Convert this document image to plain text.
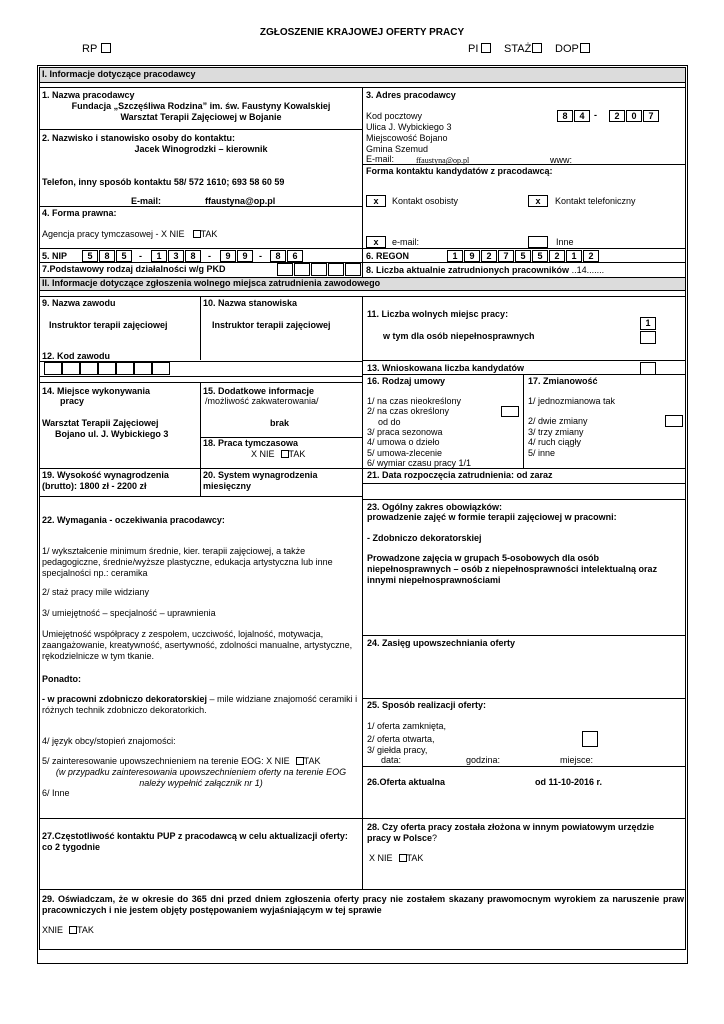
ZGŁOSZENIE KRAJOWEJ OFERTY PRACY
RP	PI	STAŻ	DOP
I. Informacje dotyczące pracodawcy
1. Nazwa pracodawcy
Fundacja „Szczęśliwa Rodzina” im. św. Faustyny Kowalskiej
Warsztat Terapii Zajęciowej w Bojanie
2. Nazwisko i stanowisko osoby do kontaktu:
Jacek Winogrodzki – kierownik
Telefon, inny sposób kontaktu 58/ 572 1610; 693 58 60 59
E-mail:	ffaustyna@op.pl
3. Adres pracodawcy
Kod pocztowy	8	4	-	2	0	7
Ulica J. Wybickiego 3
Miejscowość Bojano
Gmina Szemud
E-mail:	ffaustyna@op.pl	www:
Forma kontaktu kandydatów z pracodawcą:
x	Kontakt osobisty	x	Kontakt telefoniczny
x	e-mail:	Inne
4. Forma prawna:
Agencja pracy tymczasowej - X NIE TAK
5. NIP	5	8	5	-	1	3	8	-	9	9	-	8	6	6. REGON	1	9	2	7	5	5	2	1	2
7.Podstawowy rodzaj działalności w/g PKD	8. Liczba aktualnie zatrudnionych pracowników ..14.......
II. Informacje dotyczące zgłoszenia wolnego miejsca zatrudnienia zawodowego
9. Nazwa zawodu
Instruktor terapii zajęciowej
10. Nazwa stanowiska
Instruktor terapii zajęciowej
12. Kod zawodu
11. Liczba wolnych miejsc pracy:
1
w tym dla osób niepełnosprawnych
13. Wnioskowana liczba kandydatów
14. Miejsce wykonywania
pracy
Warsztat Terapii Zajęciowej
Bojano ul. J. Wybickiego 3
15. Dodatkowe informacje
/możliwość zakwaterowania/
brak
18. Praca tymczasowa
X NIE TAK
16. Rodzaj umowy
1/ na czas nieokreślony
2/ na czas określony
od do
3/ praca sezonowa
4/ umowa o dzieło
5/ umowa-zlecenie
6/ wymiar czasu pracy 1/1
17. Zmianowość
1/ jednozmianowa tak
2/ dwie zmiany
3/ trzy zmiany
4/ ruch ciągły
5/ inne
19. Wysokość wynagrodzenia
(brutto): 1800 zł - 2200 zł
20. System wynagrodzenia
miesięczny
21. Data rozpoczęcia zatrudnienia: od zaraz
22. Wymagania - oczekiwania pracodawcy:
1/ wykształcenie minimum średnie, kier. terapii zajęciowej, a także pedagogiczne, średnie/wyższe plastyczne, edukacja artystyczna lub inne specjalności np.: ceramika
2/ staż pracy mile widziany
3/ umiejętność – specjalność – uprawnienia
Umiejętność współpracy z zespołem, uczciwość, lojalność, motywacja, zaangażowanie, kreatywność, asertywność, zdolności manualne, artystyczne, rękodzielnicze w tym tkanie.
Ponadto:
- w pracowni zdobniczo dekoratorskiej – mile widziane znajomość ceramiki i różnych technik zdobniczo dekoratorkich.
4/ język obcy/stopień znajomości:
5/ zainteresowanie upowszechnieniem na terenie EOG: X NIE TAK
(w przypadku zainteresowania upowszechnieniem oferty na terenie EOG należy wypełnić załącznik nr 1)
6/ Inne
23. Ogólny zakres obowiązków:
prowadzenie zajęć w formie terapii zajęciowej w pracowni:
- Zdobniczo dekoratorskiej
Prowadzone zajęcia w grupach 5-osobowych dla osób niepełnosprawnych – osób z niepełnosprawności intelektualną oraz innymi niepełnosprawnościami
24. Zasięg upowszechniania oferty
25. Sposób realizacji oferty:
1/ oferta zamknięta,
2/ oferta otwarta,
3/ giełda pracy,
data:	godzina:	miejsce:
26.Oferta aktualna	od 11-10-2016 r.
27.Częstotliwość kontaktu PUP z pracodawcą w celu aktualizacji oferty: co 2 tygodnie
28. Czy oferta pracy została złożona w innym powiatowym urzędzie pracy w Polsce?
X NIE TAK
29. Oświadczam, że w okresie do 365 dni przed dniem zgłoszenia oferty pracy nie zostałem skazany prawomocnym wyrokiem za naruszenie praw pracowniczych i nie jestem objęty postępowaniem wyjaśniającym w tej sprawie
XNIE TAK
